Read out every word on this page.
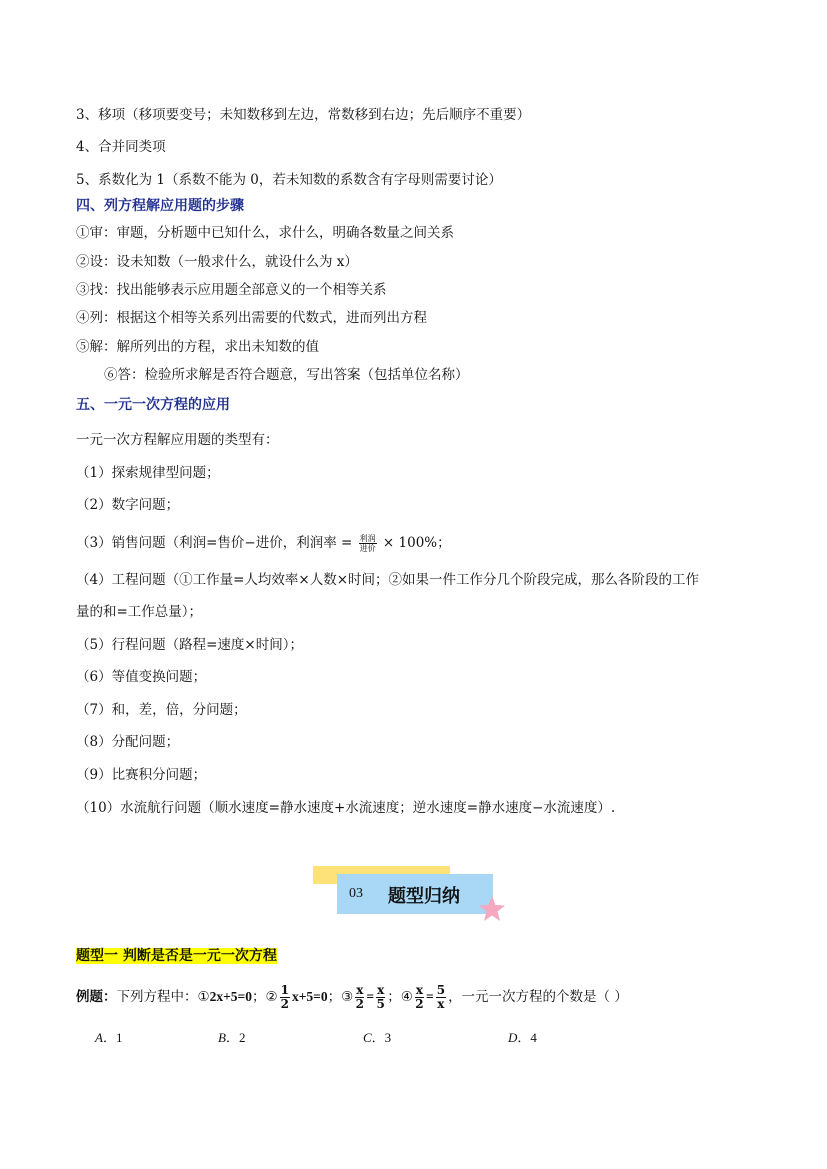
3、移项（移项要变号；未知数移到左边，常数移到右边；先后顺序不重要）
4、合并同类项
5、系数化为 1（系数不能为 0，若未知数的系数含有字母则需要讨论）
四、列方程解应用题的步骤
①审：审题，分析题中已知什么，求什么，明确各数量之间关系
②设：设未知数（一般求什么，就设什么为 x）
③找：找出能够表示应用题全部意义的一个相等关系
④列：根据这个相等关系列出需要的代数式，进而列出方程
⑤解：解所列出的方程，求出未知数的值
⑥答：检验所求解是否符合题意，写出答案（包括单位名称）
五、一元一次方程的应用
一元一次方程解应用题的类型有：
（1）探索规律型问题；
（2）数字问题；
（3）销售问题（利润=售价−进价，利润率 = $\frac{\text{利润}}{\text{进价}} \times 100\%$；
（4）工程问题（①工作量=人均效率×人数×时间；②如果一件工作分几个阶段完成，那么各阶段的工作
量的和=工作总量）；
（5）行程问题（路程=速度×时间）；
（6）等值变换问题；
（7）和，差，倍，分问题；
（8）分配问题；
（9）比赛积分问题；
（10）水流航行问题（顺水速度=静水速度+水流速度；逆水速度=静水速度−水流速度）.
03 题型归纳
题型一 判断是否是一元一次方程
例题： 下列方程中： ① 2x+5=0 ； ② $\frac{1}{2} x+5=0$ ； ③ $\frac{x}{2} = \frac{x}{5}$ ； ④ $\frac{x}{2} = \frac{5}{x}$ ，一元一次方程的个数是（ ）
A．1	B．2	C．3	D．4
